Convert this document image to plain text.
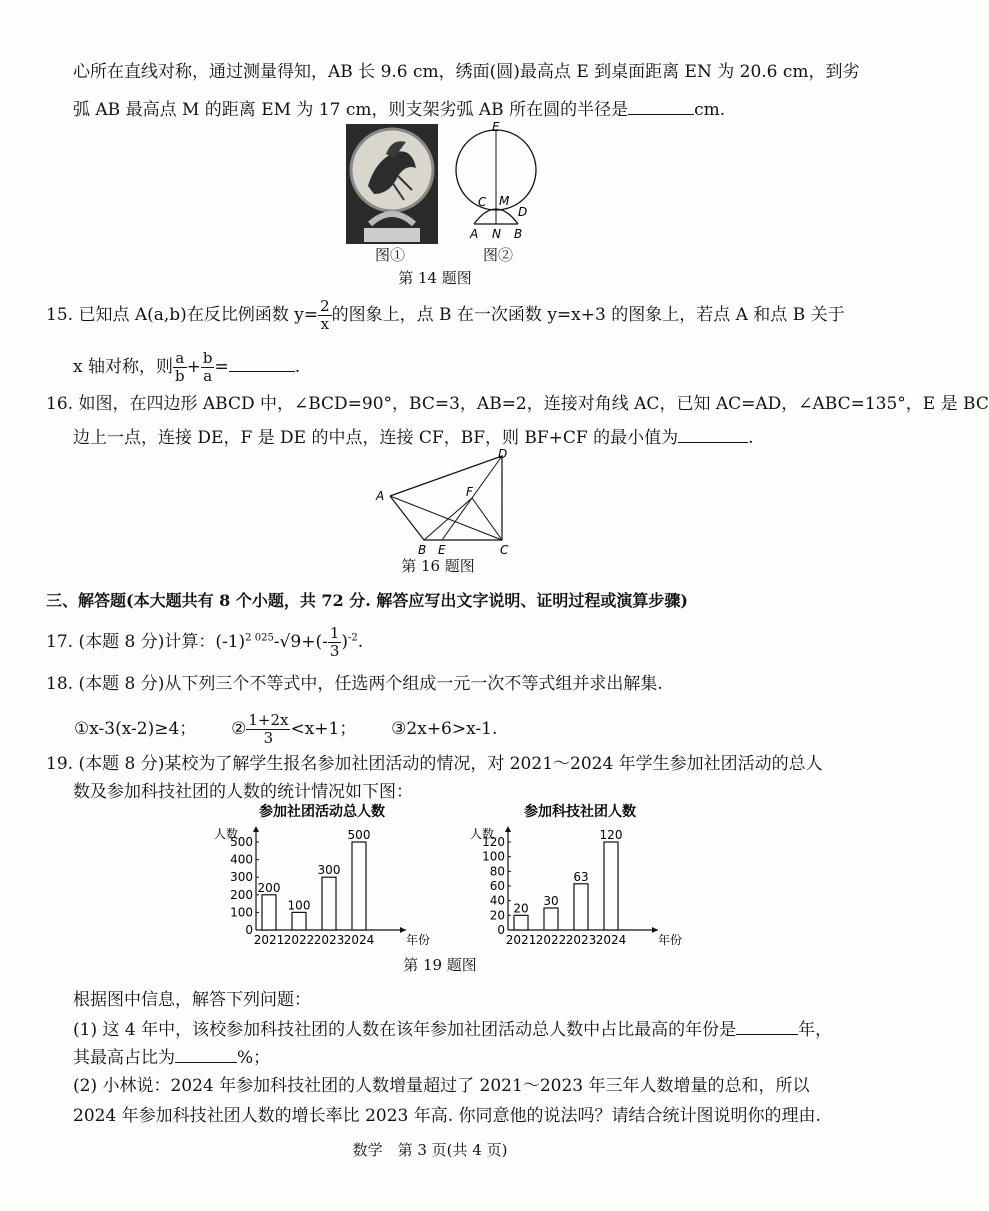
心所在直线对称，通过测量得知，AB 长 9.6 cm，绣面(圆)最高点 E 到桌面距离 EN 为 20.6 cm，到劣
弧 AB 最高点 M 的距离 EM 为 17 cm，则支架劣弧 AB 所在圆的半径是	cm.
E
C M
D
A N B
图①	图②
第 14 题图
15. 已知点 A(a,b)在反比例函数 $y= \frac{2}{x}$ 的图象上，点 B 在一次函数 y=x+3 的图象上，若点 A 和点 B 关于
x 轴对称，则 $\frac{a}{b} + \frac{b}{a}$ =	.
16. 如图，在四边形 ABCD 中，∠BCD=90°，BC=3，AB=2，连接对角线 AC，已知 AC=AD，∠ABC=135°，E 是 BC
边上一点，连接 DE，F 是 DE 的中点，连接 CF，BF，则 BF+CF 的最小值为	.
A
B E	C
D
F
第 16 题图
三、解答题(本大题共有 8 个小题，共 72 分. 解答应写出文字说明、证明过程或演算步骤)
17. (本题 8 分)计算：$(-1)^{2 025}-√9+(- \frac{1}{3} )^{-2}$.
18. (本题 8 分)从下列三个不等式中，任选两个组成一元一次不等式组并求出解集.
①x-3(x-2)≥4； ② $\frac{1+2x}{3} <x+1$； ③2x+6>x-1.
19. (本题 8 分)某校为了解学生报名参加社团活动的情况，对 2021～2024 年学生参加社团活动的总人
数及参加科技社团的人数的统计情况如下图：
参加社团活动总人数
人数
0
100
200
300
400
500
200
2021
100
2022
300
2023
500
2024	年份
参加科技社团人数
人数
0
20
40
60
80
100
120
20
2021
30
2022
63
2023
120
2024	年份
第 19 题图
根据图中信息，解答下列问题：
(1) 这 4 年中，该校参加科技社团的人数在该年参加社团活动总人数中占比最高的年份是	年，
其最高占比为	%；
(2) 小林说：2024 年参加科技社团的人数增量超过了 2021～2023 年三年人数增量的总和，所以
2024 年参加科技社团人数的增长率比 2023 年高. 你同意他的说法吗？请结合统计图说明你的理由.
数学　第 3 页(共 4 页)
